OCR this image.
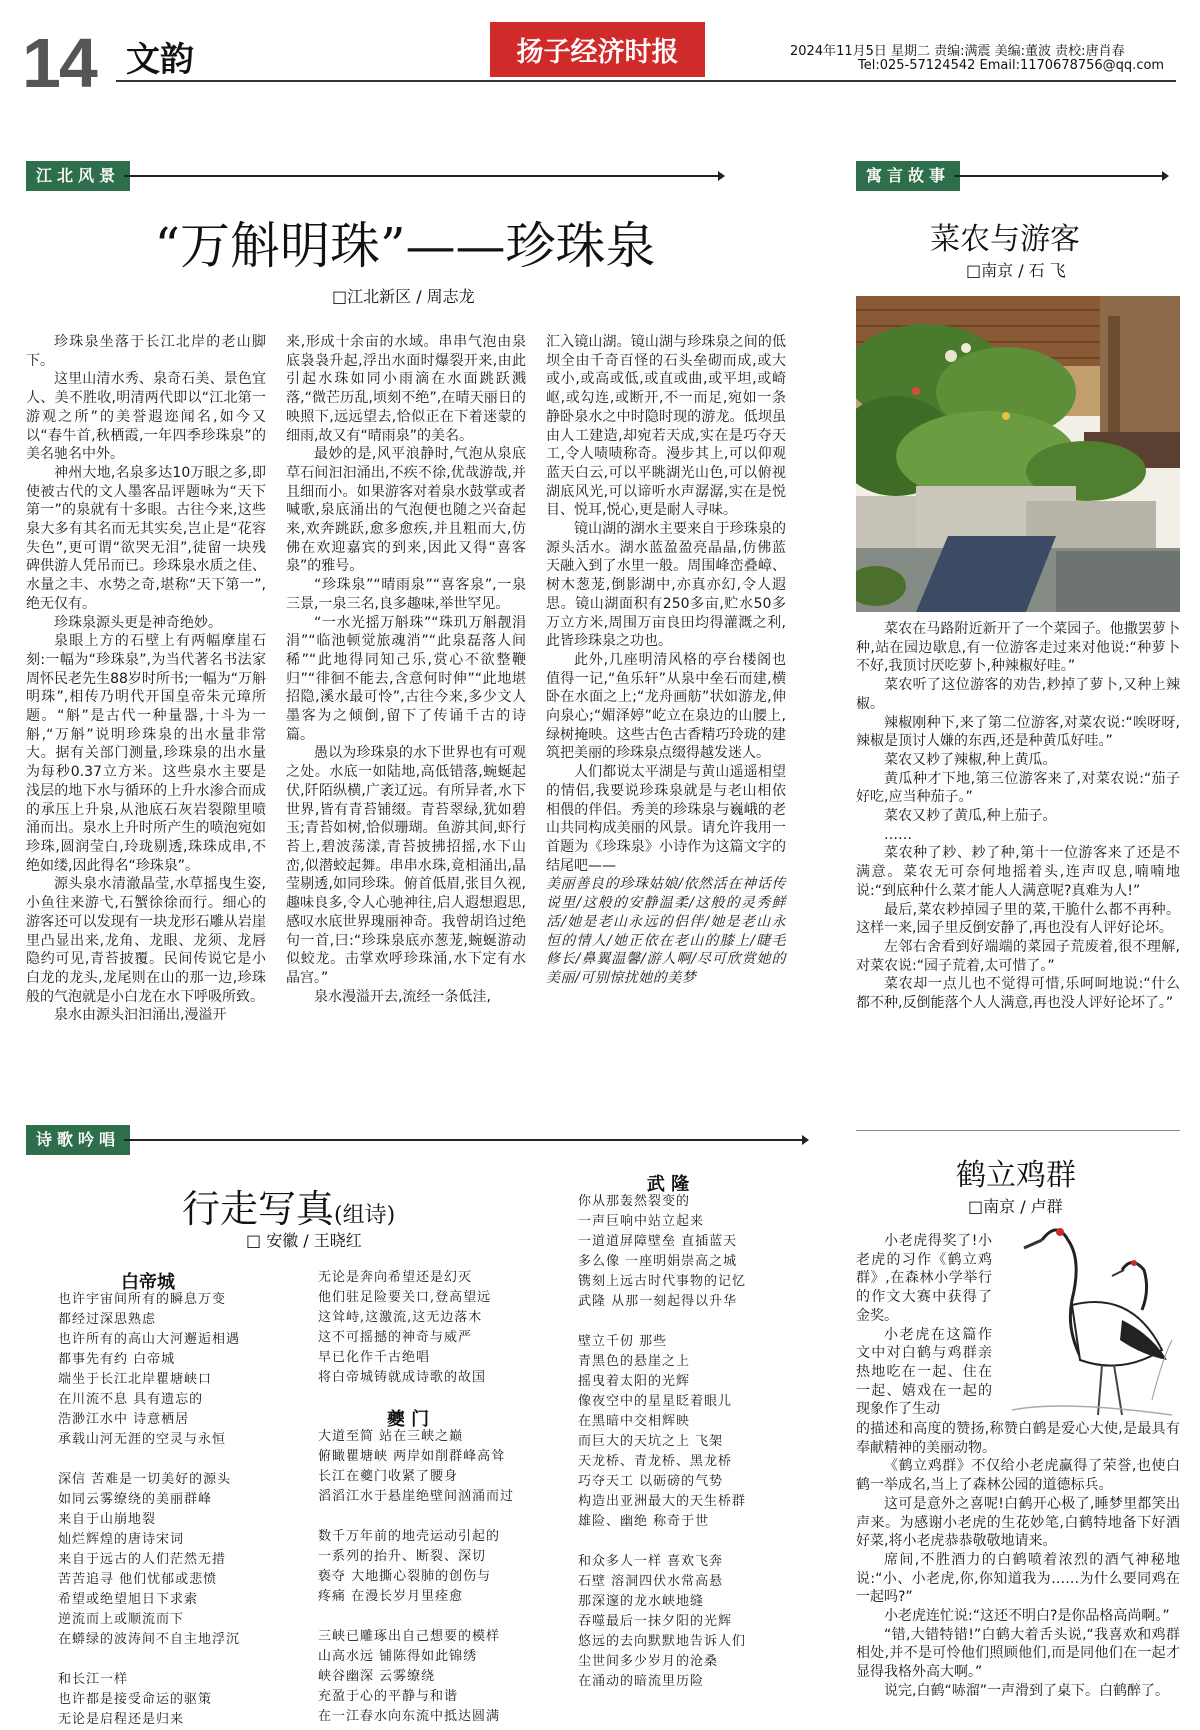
14 文韵	扬子经济时报	2024年11月5日 星期二 责编:满震 美编:董波 责校:唐肖春
Tel:025-57124542 Email:1170678756@qq.com
江北风景
“万斛明珠”——珍珠泉
□江北新区 / 周志龙

珍珠泉坐落于长江北岸的老山脚下。

这里山清水秀、泉奇石美、景色宜人、美不胜收,明清两代即以“江北第一游观之所”的美誉遐迩闻名,如今又以“春牛首,秋栖霞,一年四季珍珠泉”的美名驰名中外。

神州大地,名泉多达10万眼之多,即使被古代的文人墨客品评题咏为“天下第一”的泉就有十多眼。古往今来,这些泉大多有其名而无其实矣,岂止是“花容失色”,更可谓“欲哭无泪”,徒留一块残碑供游人凭吊而已。珍珠泉水质之佳、水量之丰、水势之奇,堪称“天下第一”,绝无仅有。

珍珠泉源头更是神奇绝妙。

泉眼上方的石壁上有两幅摩崖石刻:一幅为“珍珠泉”,为当代著名书法家周怀民老先生88岁时所书;一幅为“万斛明珠”,相传乃明代开国皇帝朱元璋所题。“斛”是古代一种量器,十斗为一斛,“万斛”说明珍珠泉的出水量非常大。据有关部门测量,珍珠泉的出水量为每秒0.37立方米。这些泉水主要是浅层的地下水与循环的上升水渗合而成的承压上升泉,从池底石灰岩裂隙里喷涌而出。泉水上升时所产生的喷泡宛如珍珠,圆润莹白,玲珑剔透,珠珠成串,不绝如缕,因此得名“珍珠泉”。

源头泉水清澈晶莹,水草摇曳生姿,小鱼往来游弋,石蟹徐徐而行。细心的游客还可以发现有一块龙形石雕从岩崖里凸显出来,龙角、龙眼、龙须、龙唇隐约可见,青苔披覆。民间传说它是小白龙的龙头,龙尾则在山的那一边,珍珠般的气泡就是小白龙在水下呼吸所致。

泉水由源头汩汩涌出,漫溢开

来,形成十余亩的水域。串串气泡由泉底袅袅升起,浮出水面时爆裂开来,由此引起水珠如同小雨滴在水面跳跃溅落,“微芒历乱,顷刻不绝”,在晴天丽日的映照下,远远望去,恰似正在下着迷蒙的细雨,故又有“晴雨泉”的美名。

最妙的是,风平浪静时,气泡从泉底草石间汩汩涌出,不疾不徐,优哉游哉,并且细而小。如果游客对着泉水鼓掌或者喊歌,泉底涌出的气泡便也随之兴奋起来,欢奔跳跃,愈多愈疾,并且粗而大,仿佛在欢迎嘉宾的到来,因此又得“喜客泉”的雅号。

“珍珠泉”“晴雨泉”“喜客泉”,一泉三景,一泉三名,良多趣味,举世罕见。

“一水光摇万斛珠”“珠玑万斛靓涓涓”“临池顿觉旅魂消”“此泉磊落人间稀”“此地得同知己乐,赏心不欲整鞭归”“徘徊不能去,含意何时伸”“此地堪招隐,溪水最可怜”,古往今来,多少文人墨客为之倾倒,留下了传诵千古的诗篇。

愚以为珍珠泉的水下世界也有可观之处。水底一如陆地,高低错落,蜿蜒起伏,阡陌纵横,广袤辽远。有所异者,水下世界,皆有青苔铺缀。青苔翠绿,犹如碧玉;青苔如树,恰似珊瑚。鱼游其间,虾行苔上,碧波荡漾,青苔披拂招摇,水下山峦,似潜蛟起舞。串串水珠,竟相涌出,晶莹剔透,如同珍珠。俯首低眉,张目久视,趣味良多,令人心驰神往,启人遐想遐思,感叹水底世界瑰丽神奇。我曾胡诌过绝句一首,曰:“珍珠泉底亦葱茏,蜿蜒游动似蛟龙。击掌欢呼珍珠涌,水下定有水晶宫。”

泉水漫溢开去,流经一条低洼,

汇入镜山湖。镜山湖与珍珠泉之间的低坝全由千奇百怪的石头垒砌而成,或大或小,或高或低,或直或曲,或平坦,或崎岖,或勾连,或断开,不一而足,宛如一条静卧泉水之中时隐时现的游龙。低坝虽由人工建造,却宛若天成,实在是巧夺天工,令人啧啧称奇。漫步其上,可以仰观蓝天白云,可以平眺湖光山色,可以俯视湖底风光,可以谛听水声潺潺,实在是悦目、悦耳,悦心,更是耐人寻味。

镜山湖的湖水主要来自于珍珠泉的源头活水。湖水蓝盈盈亮晶晶,仿佛蓝天融入到了水里一般。周围峰峦叠嶂、树木葱茏,倒影湖中,亦真亦幻,令人遐思。镜山湖面积有250多亩,贮水50多万立方米,周围万亩良田均得灌溉之利,此皆珍珠泉之功也。

此外,几座明清风格的亭台楼阁也值得一记,“鱼乐轩”从泉中垒石而建,横卧在水面之上;“龙舟画舫”状如游龙,伸向泉心;“媚泽婷”屹立在泉边的山腰上,绿树掩映。这些古色古香精巧玲珑的建筑把美丽的珍珠泉点缀得越发迷人。

人们都说太平湖是与黄山遥遥相望的情侣,我要说珍珠泉就是与老山相依相偎的伴侣。秀美的珍珠泉与巍峨的老山共同构成美丽的风景。请允许我用一首题为《珍珠泉》小诗作为这篇文字的结尾吧——

美丽善良的珍珠姑娘/依然活在神话传说里/这般的安静温柔/这般的灵秀鲜活/她是老山永远的侣伴/她是老山永恒的情人/她正依在老山的膝上/睫毛修长/鼻翼温馨/游人啊/尽可欣赏她的美丽/可别惊扰她的美梦

寓言故事
菜农与游客
□南京 / 石 飞

菜农在马路附近新开了一个菜园子。他撒罢萝卜种,站在园边歇息,有一位游客走过来对他说:“种萝卜不好,我顶讨厌吃萝卜,种辣椒好哇。”

菜农听了这位游客的劝告,耖掉了萝卜,又种上辣椒。

辣椒刚种下,来了第二位游客,对菜农说:“唉呀呀,辣椒是顶讨人嫌的东西,还是种黄瓜好哇。”

菜农又耖了辣椒,种上黄瓜。

黄瓜种才下地,第三位游客来了,对菜农说:“茄子好吃,应当种茄子。”

菜农又耖了黄瓜,种上茄子。

……

菜农种了耖、耖了种,第十一位游客来了还是不满意。菜农无可奈何地摇着头,连声叹息,喃喃地说:“到底种什么菜才能人人满意呢?真难为人!”

最后,菜农耖掉园子里的菜,干脆什么都不再种。这样一来,园子里反倒安静了,再也没有人评好论坏。

左邻右舍看到好端端的菜园子荒废着,很不理解,对菜农说:“园子荒着,太可惜了。”

菜农却一点儿也不觉得可惜,乐呵呵地说:“什么都不种,反倒能落个人人满意,再也没人评好论坏了。”

诗歌吟唱
行走写真(组诗)
□ 安徽 / 王晓红
白帝城
也许宇宙间所有的瞬息万变
都经过深思熟虑
也许所有的高山大河邂逅相遇
都事先有约 白帝城
端坐于长江北岸瞿塘峡口
在川流不息 具有遗忘的
浩渺江水中 诗意栖居
承载山河无涯的空灵与永恒
深信 苦难是一切美好的源头
如同云雾缭绕的美丽群峰
来自于山崩地裂
灿烂辉煌的唐诗宋词
来自于远古的人们茫然无措
苦苦追寻 他们忧郁或悲愤
希望或绝望旭日下求索
逆流而上或顺流而下
在蟒绿的波涛间不自主地浮沉
和长江一样
也许都是接受命运的驱策
无论是启程还是归来
无论是奔向希望还是幻灭
他们驻足险要关口,登高望远
这耸峙,这激流,这无边落木
这不可摇撼的神奇与威严
早已化作千古绝唱
将白帝城铸就成诗歌的故国
夔 门
大道至简 站在三峡之巅
俯瞰瞿塘峡 两岸如削群峰高耸
长江在夔门收紧了腰身
滔滔江水于悬崖绝壁间汹涌而过
数千万年前的地壳运动引起的
一系列的抬升、断裂、深切
亵夺 大地撕心裂肺的创伤与
疼痛 在漫长岁月里痊愈
三峡已雕琢出自己想要的模样
山高水远 铺陈得如此锦绣
峡谷幽深 云雾缭绕
充盈于心的平静与和谐
在一江春水向东流中抵达圆满
武 隆
你从那轰然裂变的
一声巨响中站立起来
一道道屏障壁垒 直插蓝天
多么像 一座明娟崇高之城
镌刻上远古时代事物的记忆
武隆 从那一刻起得以升华
壁立千仞 那些
青黑色的悬崖之上
摇曳着太阳的光辉
像夜空中的星星眨着眼儿
在黑暗中交相辉映
而巨大的天坑之上 飞架
天龙桥、青龙桥、黑龙桥
巧夺天工 以砺磅的气势
构造出亚洲最大的天生桥群
雄险、幽绝 称奇于世
和众多人一样 喜欢飞奔
石壁 溶洞四伏水常高悬
那深邃的龙水峡地缝
吞噬最后一抹夕阳的光辉
悠远的去向默默地告诉人们
尘世间多少岁月的沧桑
在涌动的暗流里历险
鹤立鸡群
□南京 / 卢群

小老虎得奖了!小老虎的习作《鹤立鸡群》,在森林小学举行的作文大赛中获得了金奖。

小老虎在这篇作文中对白鹤与鸡群亲热地吃在一起、住在一起、嬉戏在一起的现象作了生动

的描述和高度的赞扬,称赞白鹤是爱心大使,是最具有奉献精神的美丽动物。

《鹤立鸡群》不仅给小老虎赢得了荣誉,也使白鹤一举成名,当上了森林公园的道德标兵。

这可是意外之喜呢!白鹤开心极了,睡梦里都笑出声来。为感谢小老虎的生花妙笔,白鹤特地备下好酒好菜,将小老虎恭恭敬敬地请来。

席间,不胜酒力的白鹤喷着浓烈的酒气神秘地说:“小、小老虎,你,你知道我为……为什么要同鸡在一起吗?”

小老虎连忙说:“这还不明白?是你品格高尚啊。”

“错,大错特错!”白鹤大着舌头说,“我喜欢和鸡群相处,并不是可怜他们照顾他们,而是同他们在一起才显得我格外高大啊。”

说完,白鹤“哧溜”一声滑到了桌下。白鹤醉了。
